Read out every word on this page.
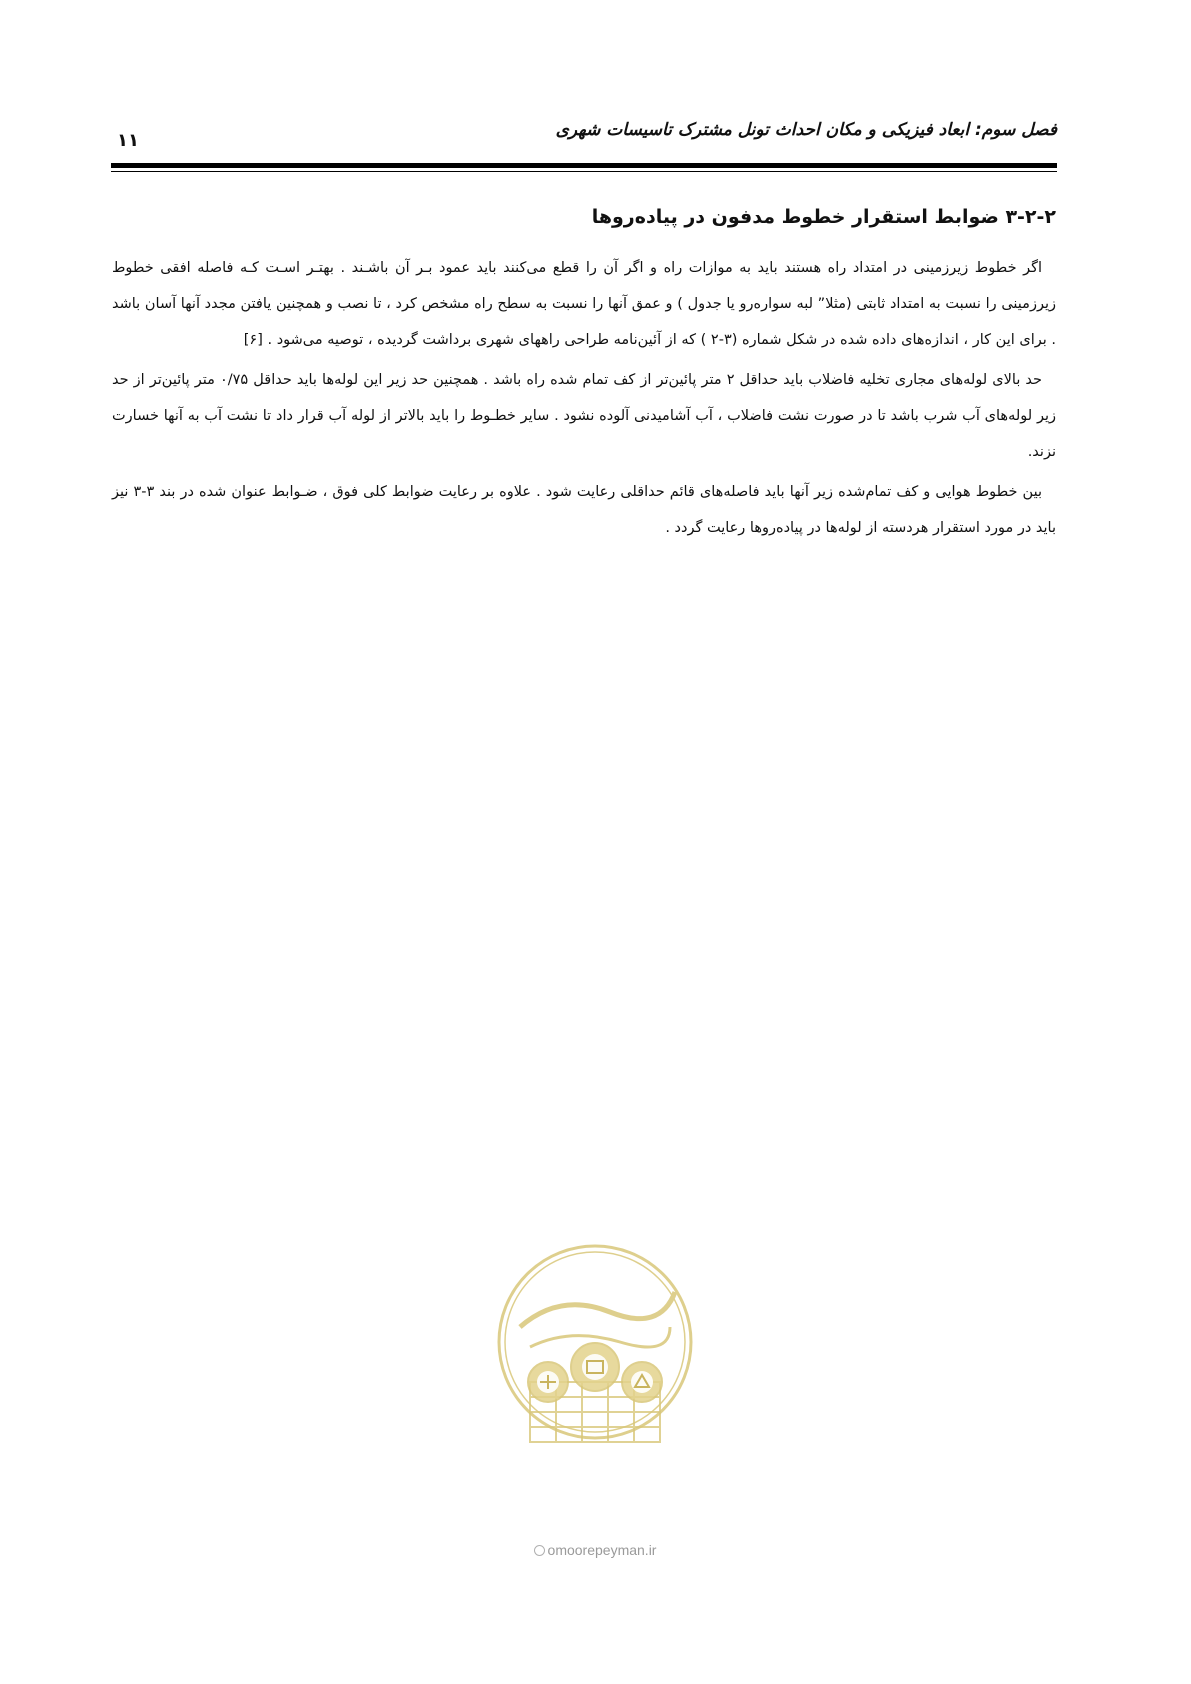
فصل سوم: ابعاد فیزیکی و مکان احداث تونل مشترک تاسیسات شهری
۱۱
۳-۲-۲ ضوابط استقرار خطوط مدفون در پیاده‌روها

اگر خطوط زیرزمینی در امتداد راه هستند باید به موازات راه و اگر آن را قطع می‌کنند باید عمود بـر آن باشـند . بهتـر اسـت کـه فاصله افقی خطوط زیرزمینی را نسبت به امتداد ثابتی (مثلا” لبه سواره‌رو یا جدول ) و عمق آنها را نسبت به سطح راه مشخص کرد ، تا نصب و همچنین یافتن مجدد آنها آسان باشد . برای این کار ، اندازه‌های داده شده در شکل شماره (۳-۲ ) که از آئین‌نامه طراحی راههای شهری برداشت گردیده ، توصیه می‌شود . [۶]

حد بالای لوله‌های مجاری تخلیه فاضلاب باید حداقل ۲ متر پائین‌تر از کف تمام شده راه باشد . همچنین حد زیر این لوله‌ها باید حداقل ۰/۷۵ متر پائین‌تر از حد زیر لوله‌های آب شرب باشد تا در صورت نشت فاضلاب ، آب آشامیدنی آلوده نشود . سایر خطـوط را باید بالاتر از لوله آب قرار داد تا نشت آب به آنها خسارت نزند.

بین خطوط هوایی و کف تمام‌شده زیر آنها باید فاصله‌های قائم حداقلی رعایت شود . علاوه بر رعایت ضوابط کلی فوق ، ضـوابط عنوان شده در بند ۳-۳ نیز باید در مورد استقرار هردسته از لوله‌ها در پیاده‌روها رعایت گردد .

omoorepeyman.ir
